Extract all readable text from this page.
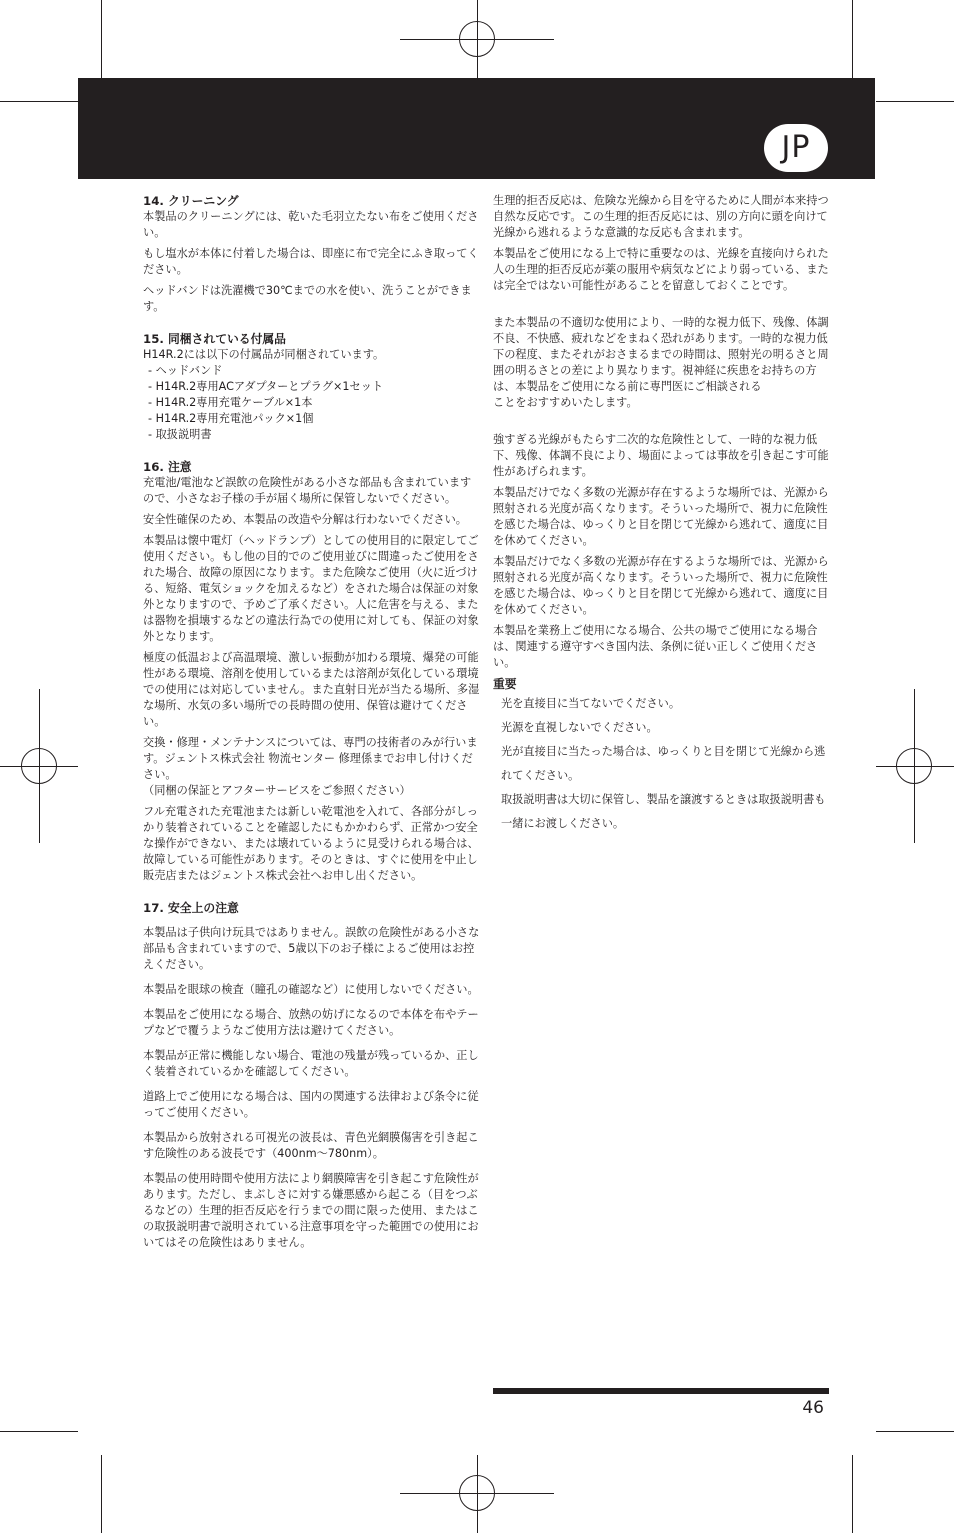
JP
14. クリーニング

本製品のクリーニングには、乾いた毛羽立たない布をご使用ください。

もし塩水が本体に付着した場合は、即座に布で完全にふき取ってください。

ヘッドバンドは洗濯機で30℃までの水を使い、洗うことができます。

15. 同梱されている付属品
H14R.2には以下の付属品が同梱されています。
- ヘッドバンド
- H14R.2専用ACアダプターとプラグ×1セット
- H14R.2専用充電ケーブル×1本
- H14R.2専用充電池パック×1個
- 取扱説明書
16. 注意

充電池/電池など誤飲の危険性がある小さな部品も含まれていますので、小さなお子様の手が届く場所に保管しないでください。

安全性確保のため、本製品の改造や分解は行わないでください。

本製品は懐中電灯（ヘッドランプ）としての使用目的に限定してご使用ください。もし他の目的でのご使用並びに間違ったご使用をされた場合、故障の原因になります。また危険なご使用（火に近づける、短絡、電気ショックを加えるなど）をされた場合は保証の対象外となりますので、予めご了承ください。人に危害を与える、または器物を損壊するなどの違法行為での使用に対しても、保証の対象外となります。

極度の低温および高温環境、激しい振動が加わる環境、爆発の可能性がある環境、溶剤を使用しているまたは溶剤が気化している環境での使用には対応していません。また直射日光が当たる場所、多湿な場所、水気の多い場所での長時間の使用、保管は避けてください。

交換・修理・メンテナンスについては、専門の技術者のみが行います。ジェントス株式会社 物流センター 修理係までお申し付けください。

（同梱の保証とアフターサービスをご参照ください）

フル充電された充電池または新しい乾電池を入れて、各部分がしっかり装着されていることを確認したにもかかわらず、正常かつ安全な操作ができない、または壊れているように見受けられる場合は、故障している可能性があります。そのときは、すぐに使用を中止し販売店またはジェントス株式会社へお申し出ください。

17. 安全上の注意

本製品は子供向け玩具ではありません。誤飲の危険性がある小さな部品も含まれていますので、5歳以下のお子様によるご使用はお控えください。

本製品を眼球の検査（瞳孔の確認など）に使用しないでください。

本製品をご使用になる場合、放熱の妨げになるので本体を布やテープなどで覆うようなご使用方法は避けてください。

本製品が正常に機能しない場合、電池の残量が残っているか、正しく装着されているかを確認してください。

道路上でご使用になる場合は、国内の関連する法律および条令に従ってご使用ください。

本製品から放射される可視光の波長は、青色光網膜傷害を引き起こす危険性のある波長です（400nm～780nm）。

本製品の使用時間や使用方法により網膜障害を引き起こす危険性があります。ただし、まぶしさに対する嫌悪感から起こる（目をつぶるなどの）生理的拒否反応を行うまでの間に限った使用、またはこの取扱説明書で説明されている注意事項を守った範囲での使用においてはその危険性はありません。

生理的拒否反応は、危険な光線から目を守るために人間が本来持つ自然な反応です。この生理的拒否反応には、別の方向に頭を向けて光線から逃れるような意識的な反応も含まれます。

本製品をご使用になる上で特に重要なのは、光線を直接向けられた人の生理的拒否反応が薬の服用や病気などにより弱っている、または完全ではない可能性があることを留意しておくことです。

また本製品の不適切な使用により、一時的な視力低下、残像、体調不良、不快感、疲れなどをまねく恐れがあります。一時的な視力低下の程度、またそれがおさまるまでの時間は、照射光の明るさと周囲の明るさとの差により異なります。視神経に疾患をお持ちの方は、本製品をご使用になる前に専門医にご相談される

ことをおすすめいたします。

強すぎる光線がもたらす二次的な危険性として、一時的な視力低下、残像、体調不良により、場面によっては事故を引き起こす可能性があげられます。

本製品だけでなく多数の光源が存在するような場所では、光源から照射される光度が高くなります。そういった場所で、視力に危険性を感じた場合は、ゆっくりと目を閉じて光線から逃れて、適度に目を休めてください。

本製品だけでなく多数の光源が存在するような場所では、光源から照射される光度が高くなります。そういった場所で、視力に危険性を感じた場合は、ゆっくりと目を閉じて光線から逃れて、適度に目を休めてください。

本製品を業務上ご使用になる場合、公共の場でご使用になる場合は、関連する遵守すべき国内法、条例に従い正しくご使用ください。

重要
光を直接目に当てないでください。
光源を直視しないでください。
光が直接目に当たった場合は、ゆっくりと目を閉じて光線から逃れてください。
取扱説明書は大切に保管し、製品を譲渡するときは取扱説明書も一緒にお渡しください。
46
